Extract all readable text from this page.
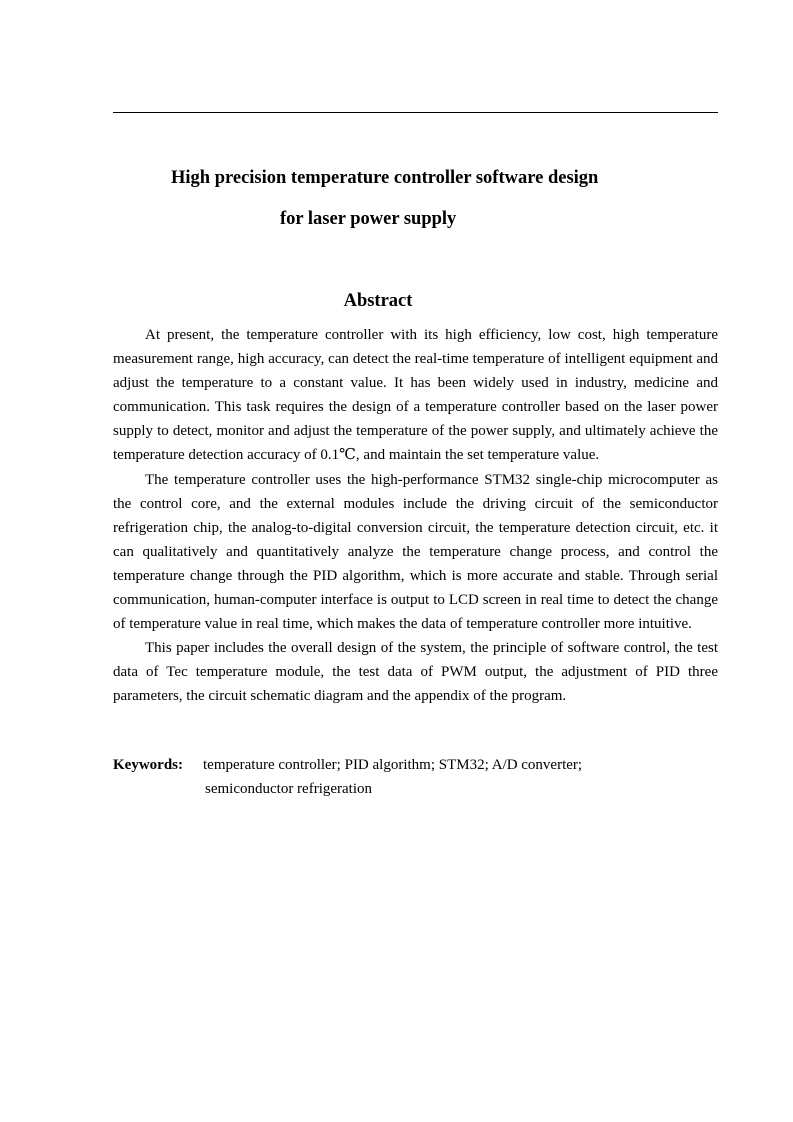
High precision temperature controller software design
for laser power supply
Abstract

At present, the temperature controller with its high efficiency, low cost, high temperature measurement range, high accuracy, can detect the real-time temperature of intelligent equipment and adjust the temperature to a constant value. It has been widely used in industry, medicine and communication. This task requires the design of a temperature controller based on the laser power supply to detect, monitor and adjust the temperature of the power supply, and ultimately achieve the temperature detection accuracy of 0.1℃, and maintain the set temperature value.

The temperature controller uses the high-performance STM32 single-chip microcomputer as the control core, and the external modules include the driving circuit of the semiconductor refrigeration chip, the analog-to-digital conversion circuit, the temperature detection circuit, etc. it can qualitatively and quantitatively analyze the temperature change process, and control the temperature change through the PID algorithm, which is more accurate and stable. Through serial communication, human-computer interface is output to LCD screen in real time to detect the change of temperature value in real time, which makes the data of temperature controller more intuitive.

This paper includes the overall design of the system, the principle of software control, the test data of Tec temperature module, the test data of PWM output, the adjustment of PID three parameters, the circuit schematic diagram and the appendix of the program.

Keywords: temperature controller; PID algorithm; STM32; A/D converter;
semiconductor refrigeration
